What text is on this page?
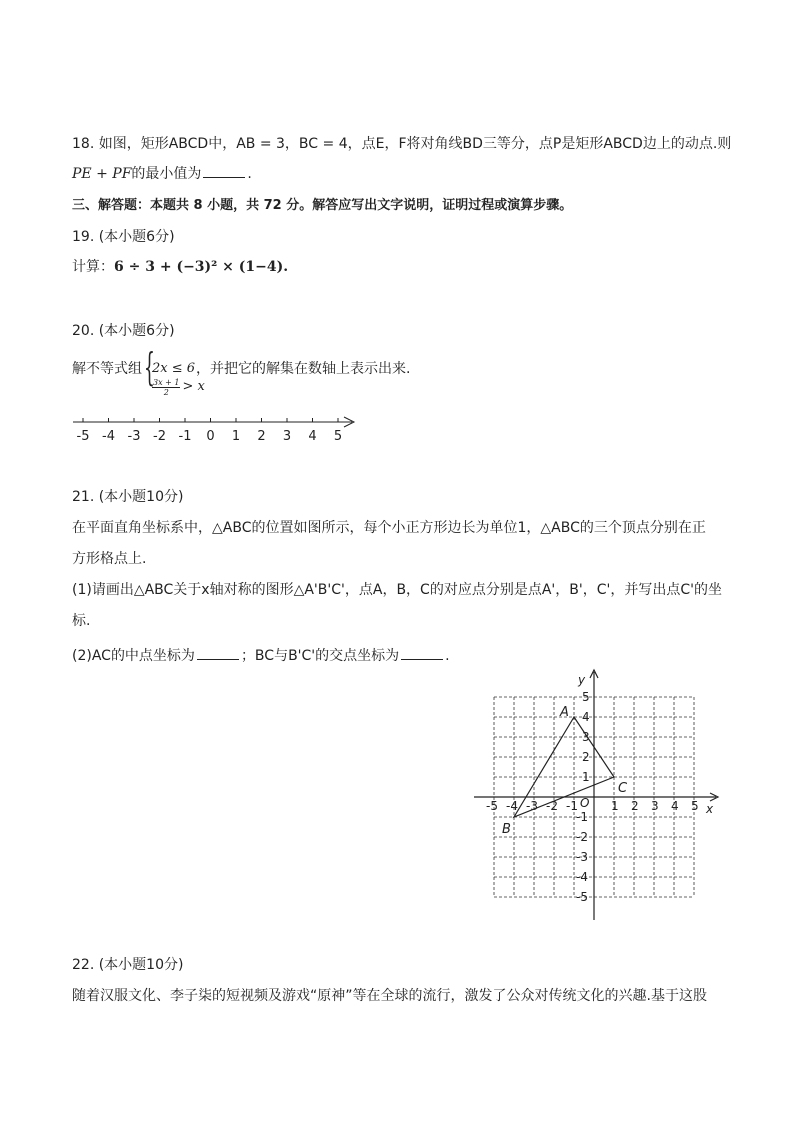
18. 如图，矩形ABCD中，AB = 3，BC = 4，点E，F将对角线BD三等分，点P是矩形ABCD边上的动点.则
PE + PF的最小值为	.
三、解答题：本题共 8 小题，共 72 分。解答应写出文字说明，证明过程或演算步骤。
19. (本小题6分)
计算：6 ÷ 3 + (−3)² × (1−4).
20. (本小题6分)
解不等式组 {
2x ≤ 6
$\frac{3x + 1}{2} > x$
，并把它的解集在数轴上表示出来.
-5 -4 -3 -2 -1 0 1 2 3 4 5
21. (本小题10分)
在平面直角坐标系中，△ABC的位置如图所示，每个小正方形边长为单位1，△ABC的三个顶点分别在正
方形格点上.
(1)请画出△ABC关于x轴对称的图形△A'B'C'，点A，B，C的对应点分别是点A'，B'，C'，并写出点C'的坐
标.
(2)AC的中点坐标为	；BC与B'C'的交点坐标为	.
-5 -4 -3 -2 -1	1 2 3 4 5
5
4
3
2
1
-1
-2
-3
-4
-5
x
y
O
A
B
C
22. (本小题10分)
随着汉服文化、李子柒的短视频及游戏“原神”等在全球的流行，激发了公众对传统文化的兴趣.基于这股
